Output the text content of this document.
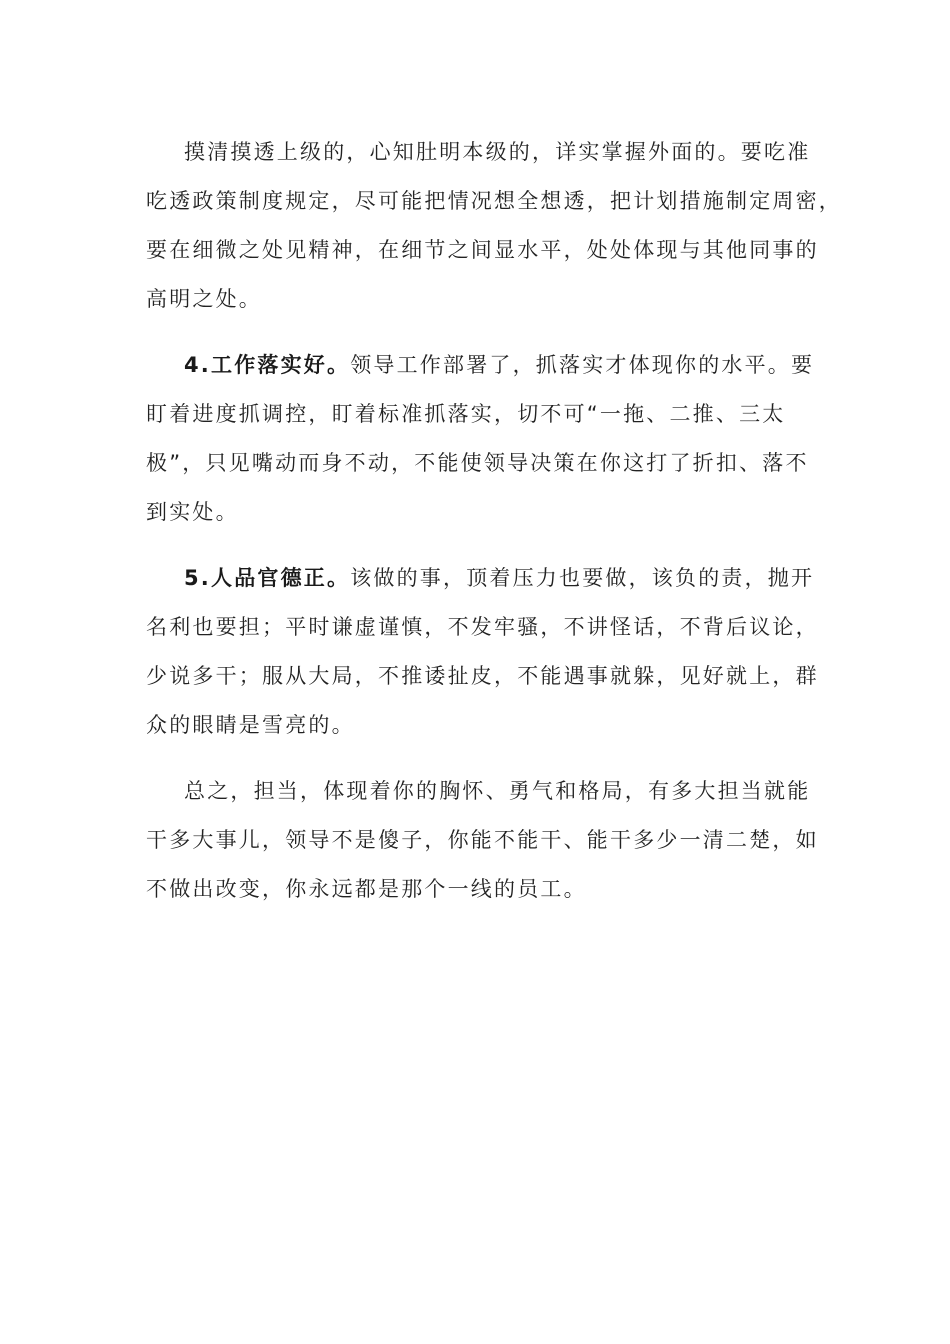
摸清摸透上级的，心知肚明本级的，详实掌握外面的。要吃准
吃透政策制度规定，尽可能把情况想全想透，把计划措施制定周密，
要在细微之处见精神，在细节之间显水平，处处体现与其他同事的
高明之处。
4.工作落实好。领导工作部署了，抓落实才体现你的水平。要
盯着进度抓调控，盯着标准抓落实，切不可“一拖、二推、三太
极”，只见嘴动而身不动，不能使领导决策在你这打了折扣、落不
到实处。
5.人品官德正。该做的事，顶着压力也要做，该负的责，抛开
名利也要担；平时谦虚谨慎，不发牢骚，不讲怪话，不背后议论，
少说多干；服从大局，不推诿扯皮，不能遇事就躲，见好就上，群
众的眼睛是雪亮的。
总之，担当，体现着你的胸怀、勇气和格局，有多大担当就能
干多大事儿，领导不是傻子，你能不能干、能干多少一清二楚，如
不做出改变，你永远都是那个一线的员工。
